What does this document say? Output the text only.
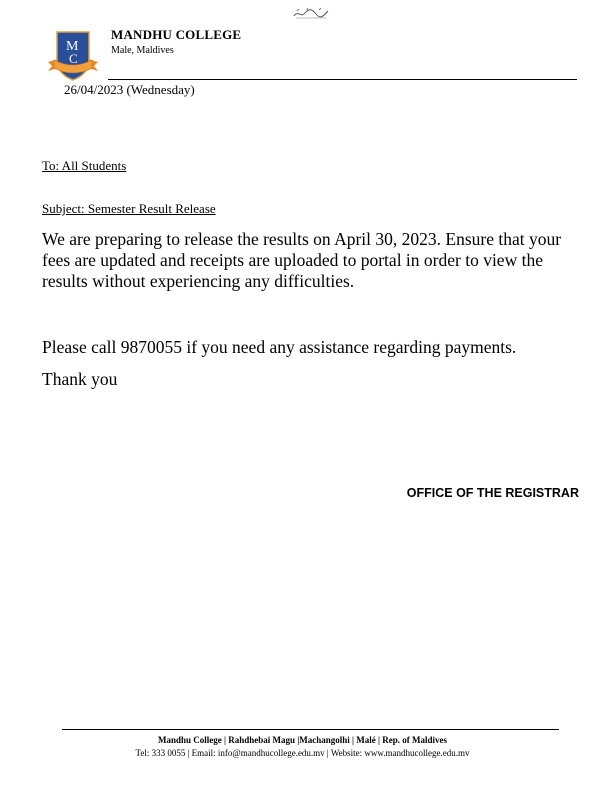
M
C
MANDHU COLLEGE
Male, Maldives
26/04/2023 (Wednesday)
To: All Students
Subject: Semester Result Release
We are preparing to release the results on April 30, 2023. Ensure that your fees are updated and receipts are uploaded to portal in order to view the results without experiencing any difficulties.
Please call 9870055 if you need any assistance regarding payments.
Thank you
OFFICE OF THE REGISTRAR
Mandhu College | Rahdhebai Magu |Machangolhi | Malé | Rep. of Maldives
Tel: 333 0055 | Email: info@mandhucollege.edu.mv | Website: www.mandhucollege.edu.mv
